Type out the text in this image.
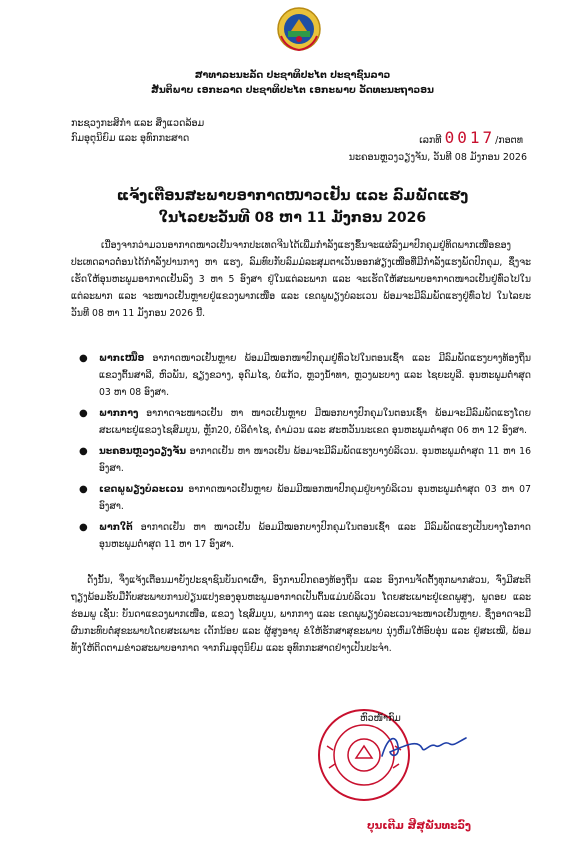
ສາທາລະນະລັດ ປະຊາທິປະໄຕ ປະຊາຊົນລາວ
ສັນຕິພາບ ເອກະລາດ ປະຊາທິປະໄຕ ເອກະພາບ ວັດທະນະຖາວອນ
ກະຊວງກະສິກຳ ແລະ ສິ່ງແວດລ້ອມ
ກົມອຸຕຸນິຍົມ ແລະ ອຸທົກກະສາດ	ເລກທີ 0017/ກອຕທ
ນະຄອນຫຼວງວຽງຈັນ, ວັນທີ 08 ມັງກອນ 2026
ແຈ້ງເຕືອນສະພາບອາກາດໜາວເຢັນ ແລະ ລົມພັດແຮງ
ໃນໄລຍະວັນທີ 08 ຫາ 11 ມັງກອນ 2026
ເນື່ອງຈາກວ່າມວນອາກາດໜາວເຢັນຈາກປະເທດຈີນໄດ້ເພີ່ມກຳລັງແຮງຂຶ້ນຈະແຜ່ລົງມາປົກຄຸມຢູ່ທິດພາກເໜືອຂອງປະເທດລາວຕໍ່ອນໄດ້ກຳລັງປານກາງ ຫາ ແຮງ, ລົມທົບກັບລົມມໍລະສຸມຕາເວັນອອກສ່ຽງເໜືອທີ່ມີກຳລັງແຮງພັດປົກຄຸມ, ຊຶ່ງຈະເຮັດໃຫ້ອຸນຫະພູມອາກາດເຢັນລົງ 3 ຫາ 5 ອົງສາ ຢູ່ໃນແຕ່ລະພາກ ແລະ ຈະເຮັດໃຫ້ສະພາບອາກາດໜາວເຢັນຢູ່ທົ່ວໄປໃນແຕ່ລະພາກ ແລະ ຈະໜາວເຢັນຫຼາຍຢູ່ແຂວງພາກເໜືອ ແລະ ເຂດພູພຽງບໍລະເວນ ພ້ອມຈະມີລົມພັດແຮງຢູ່ທົ່ວໄປ ໃນໄລຍະວັນທີ 08 ຫາ 11 ມັງກອນ 2026 ນີ້.
● ພາກເໜືອ ອາກາດໜາວເຢັນຫຼາຍ ພ້ອມມີໝອກໜາປົກຄຸມຢູ່ທົ່ວໄປໃນຕອນເຊົ້າ ແລະ ມີລົມພັດແຮງບາງທ້ອງຖິ່ນແຂວງຕົ້ນສາລີ, ຫົວພັນ, ຊຽງຂວາງ, ອຸດົມໄຊ, ບໍ່ແກ້ວ, ຫຼວງນໍ້າທາ, ຫຼວງພະບາງ ແລະ ໄຊຍະບູລີ. ອຸນຫະພູມຕໍ່າສຸດ 03 ຫາ 08 ອົງສາ.
● ພາກກາງ ອາກາດຈະໜາວເຢັນ ຫາ ໜາວເຢັນຫຼາຍ ມີໝອກບາງປົກຄຸມໃນຕອນເຊົ້າ ພ້ອມຈະມີລົມພັດແຮງໂດຍສະເພາະຢູ່ແຂວງໄຊສົມບູນ, ຫຼັກ20, ບໍລິຄຳໄຊ, ຄຳມ່ວນ ແລະ ສະຫວັນນະເຂດ ອຸນຫະພູມຕໍ່າສຸດ 06 ຫາ 12 ອົງສາ.
● ນະຄອນຫຼວງວຽງຈັນ ອາກາດເຢັນ ຫາ ໜາວເຢັນ ພ້ອມຈະມີລົມພັດແຮງບາງບໍລິເວນ. ອຸນຫະພູມຕໍ່າສຸດ 11 ຫາ 16 ອົງສາ.
● ເຂດພູພຽງບໍລະເວນ ອາກາດໜາວເຢັນຫຼາຍ ພ້ອມມີໝອກໜາປົກຄຸມຢູ່ບາງບໍລິເວນ ອຸນຫະພູມຕໍ່າສຸດ 03 ຫາ 07 ອົງສາ.
● ພາກໃຕ້ ອາກາດເຢັນ ຫາ ໜາວເຢັນ ພ້ອມມີໝອກບາງປົກຄຸມໃນຕອນເຊົ້າ ແລະ ມີລົມພັດແຮງເປັນບາງໂອກາດ ອຸນຫະພູມຕໍ່າສຸດ 11 ຫາ 17 ອົງສາ.
ດັ່ງນັ້ນ, ຈຶ່ງແຈ້ງເຕືອນມາຍັງປະຊາຊົນບັນດາເຜົ່າ, ອົງການປົກຄອງທ້ອງຖິ່ນ ແລະ ອົງການຈັດຕັ້ງທຸກພາກສ່ວນ, ຈົ່ງມີສະຕິຖຽງພ້ອມຮັບມືກັບສະພາບການປ່ຽນແປງຂອງອຸນຫະພູມອາກາດເປັນຕົ້ນແມ່ນບໍລິເວນ ໂດຍສະເພາະຢູ່ເຂດພູສູງ, ພູດອຍ ແລະ ຮ່ອມພູ ເຊັ່ນ: ບັນດາແຂວງພາກເໜືອ, ແຂວງ ໄຊສົມບູນ, ພາກກາງ ແລະ ເຂດພູພຽງບໍລະເວນຈະໜາວເຢັນຫຼາຍ. ຊຶ່ງອາດຈະມີຜົນກະທົບຕໍ່ສຸຂະພາບໂດຍສະເພາະ ເດັກນ້ອຍ ແລະ ຜູ້ສູງອາຍຸ ຂໍໃຫ້ຮັກສາສຸຂະພາບ ນຸ່ງຫົ່ມໃຫ້ອົບອຸ່ນ ແລະ ຢູ່ສະເໝີ, ພ້ອມທັງໃຫ້ຕິດຕາມຂ່າວສະພາບອາກາດ ຈາກກົມອຸຕຸນິຍົມ ແລະ ອຸທົກກະສາດຢ່າງເປັນປະຈຳ.
ຫົວໜ້າກົມ
ບຸນເຕີມ ສີສຸພັນທະວົງ
